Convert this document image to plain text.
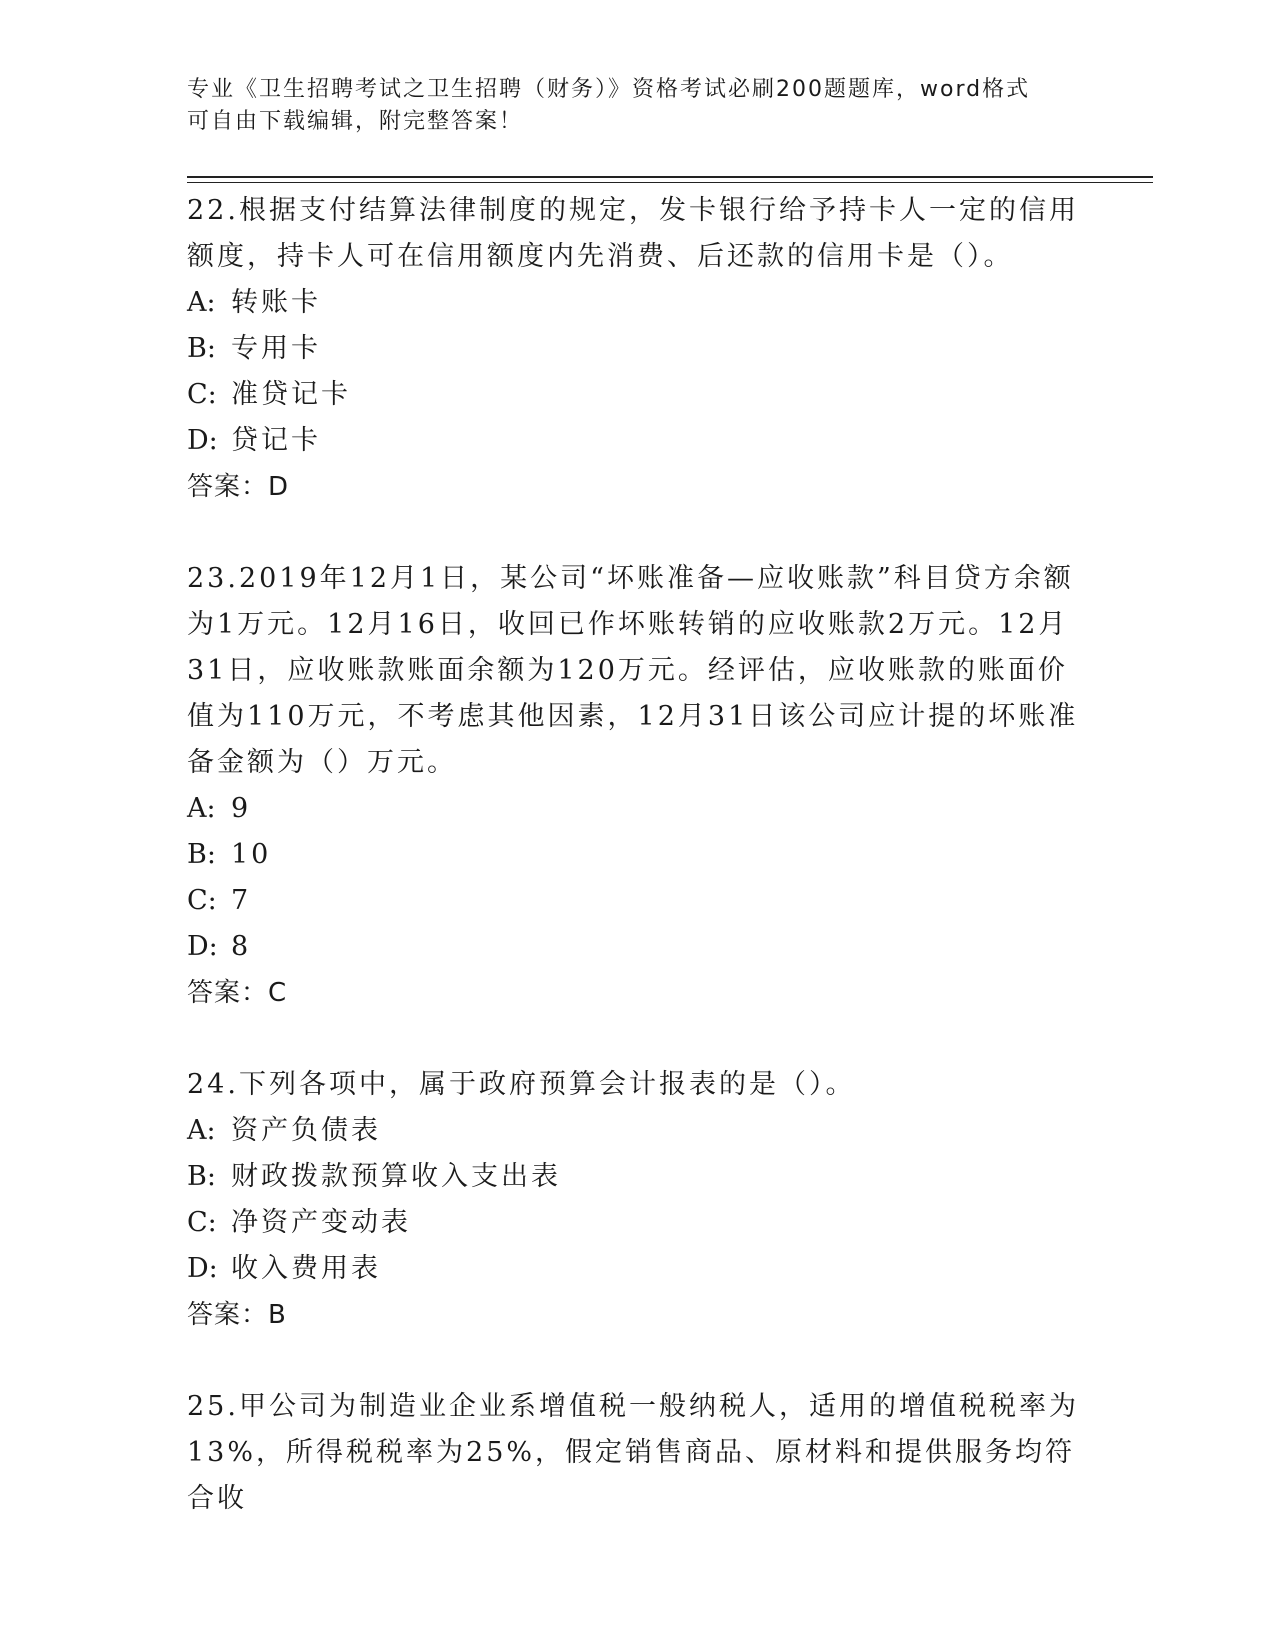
专业《卫生招聘考试之卫生招聘（财务）》资格考试必刷200题题库，word格式
可自由下载编辑，附完整答案！
22.根据支付结算法律制度的规定，发卡银行给予持卡人一定的信用额度，持卡人可在信用额度内先消费、后还款的信用卡是（）。
A: 转账卡
B: 专用卡
C: 准贷记卡
D: 贷记卡
答案：D
23.2019年12月1日，某公司“坏账准备—应收账款”科目贷方余额为1万元。12月16日，收回已作坏账转销的应收账款2万元。12月31日，应收账款账面余额为120万元。经评估，应收账款的账面价值为110万元，不考虑其他因素，12月31日该公司应计提的坏账准备金额为（）万元。
A: 9
B: 10
C: 7
D: 8
答案：C
24.下列各项中，属于政府预算会计报表的是（）。
A: 资产负债表
B: 财政拨款预算收入支出表
C: 净资产变动表
D: 收入费用表
答案：B
25.甲公司为制造业企业系增值税一般纳税人，适用的增值税税率为13%，所得税税率为25%，假定销售商品、原材料和提供服务均符合收
